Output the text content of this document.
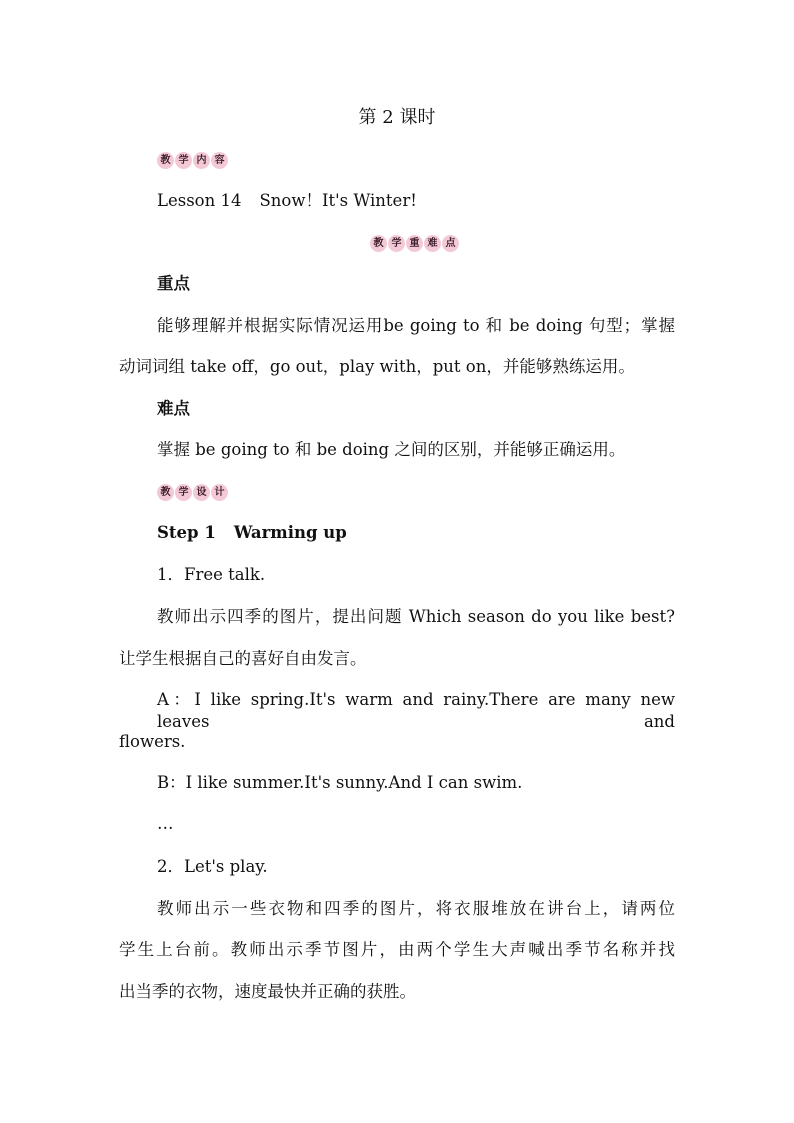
第 2 课时
教 学 内 容
Lesson 14 Snow！It's Winter!
教 学 重 难 点
重点
能够理解并根据实际情况运用be going to 和 be doing 句型；掌握
动词词组 take off，go out，play with，put on，并能够熟练运用。
难点
掌握 be going to 和 be doing 之间的区别，并能够正确运用。
教 学 设 计
Step 1 Warming up
1．Free talk.
教师出示四季的图片，提出问题 Which season do you like best?
让学生根据自己的喜好自由发言。
A：I like spring.It's warm and rainy.There are many new leaves and
flowers.
B：I like summer.It's sunny.And I can swim.
…
2．Let's play.
教师出示一些衣物和四季的图片，将衣服堆放在讲台上，请两位
学生上台前。教师出示季节图片，由两个学生大声喊出季节名称并找
出当季的衣物，速度最快并正确的获胜。
